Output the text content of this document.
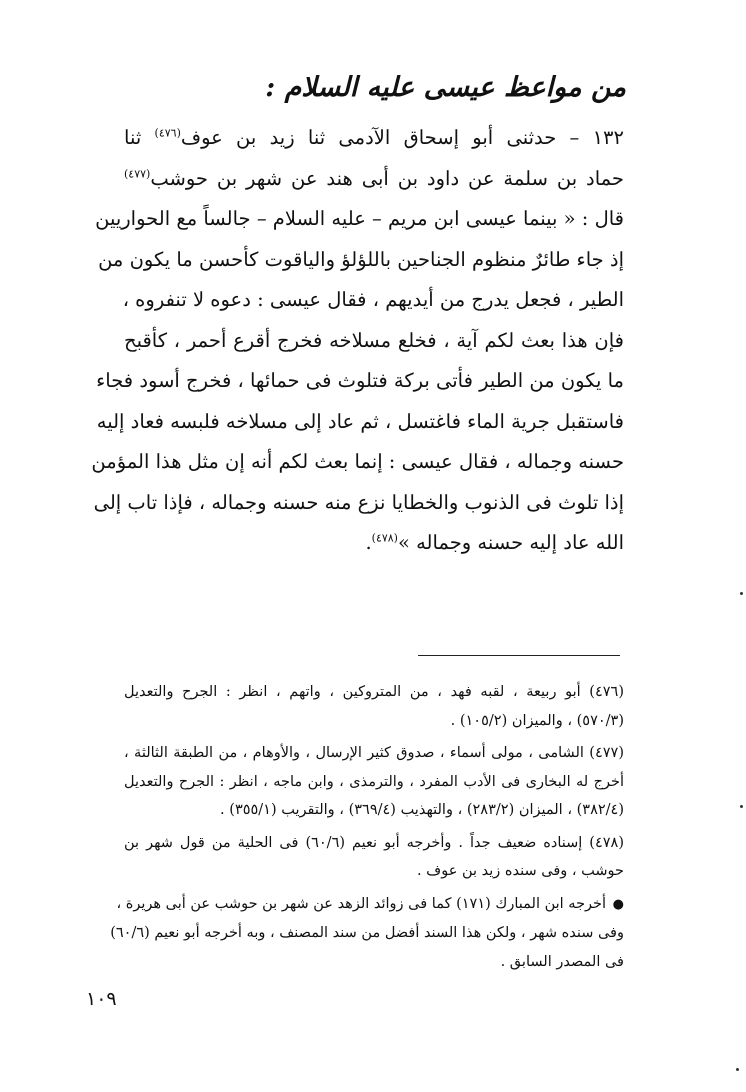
من مواعظ عيسى عليه السلام :
١٣٢ – حدثنى أبو إسحاق الآدمى ثنا زيد بن عوف$^{(٤٧٦)}$ ثنا
حماد بن سلمة عن داود بن أبى هند عن شهر بن حوشب$^{(٤٧٧)}$
قال : « بينما عيسى ابن مريم – عليه السلام – جالساً مع الحواريين
إذ جاء طائرٌ منظوم الجناحين باللؤلؤ والياقوت كأحسن ما يكون من
الطير ، فجعل يدرج من أيديهم ، فقال عيسى : دعوه لا تنفروه ،
فإن هذا بعث لكم آية ، فخلع مسلاخه فخرج أقرع أحمر ، كأقبح
ما يكون من الطير فأتى بركة فتلوث فى حمائها ، فخرج أسود فجاء
فاستقبل جرية الماء فاغتسل ، ثم عاد إلى مسلاخه فلبسه فعاد إليه
حسنه وجماله ، فقال عيسى : إنما بعث لكم أنه إن مثل هذا المؤمن
إذا تلوث فى الذنوب والخطايا نزع منه حسنه وجماله ، فإذا تاب إلى
الله عاد إليه حسنه وجماله »$^{(٤٧٨)}$.
(٤٧٦) أبو ربيعة ، لقبه فهد ، من المتروكين ، واتهم ، انظر : الجرح والتعديل
(٥٧٠/٣) ، والميزان (١٠٥/٢) .
(٤٧٧) الشامى ، مولى أسماء ، صدوق كثير الإرسال ، والأوهام ، من الطبقة الثالثة ،
أخرج له البخارى فى الأدب المفرد ، والترمذى ، وابن ماجه ، انظر : الجرح والتعديل
(٣٨٢/٤) ، الميزان (٢٨٣/٢) ، والتهذيب (٣٦٩/٤) ، والتقريب (٣٥٥/١) .
(٤٧٨) إسناده ضعيف جداً . وأخرجه أبو نعيم (٦٠/٦) فى الحلية من قول شهر بن
حوشب ، وفى سنده زيد بن عوف .
● أخرجه ابن المبارك (١٧١) كما فى زوائد الزهد عن شهر بن حوشب عن أبى هريرة ،
وفى سنده شهر ، ولكن هذا السند أفضل من سند المصنف ، وبه أخرجه أبو نعيم (٦٠/٦)
فى المصدر السابق .
١٠٩
